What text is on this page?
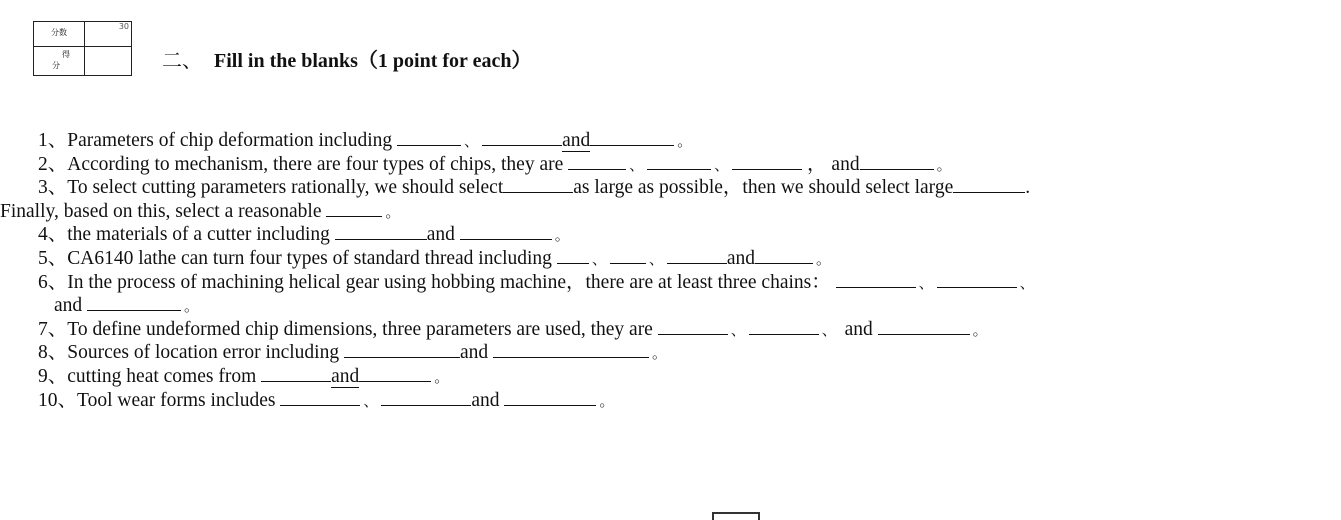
分数	30

得
分	
		二、 Fill in the blanks（1 point for each）
1、Parameters of chip deformation including	、	and	。
2、According to mechanism, there are four types of chips, they are	、	、	， and	。
3、To select cutting parameters rationally, we should select	as large as possible，then we should select large	.
Finally, based on this, select a reasonable	。
4、the materials of a cutter including	and	。
5、CA6140 lathe can turn four types of standard thread including	、	、	and	。
6、In the process of machining helical gear using hobbing machine，there are at least three chains：	、	、
and	。
7、To define undeformed chip dimensions, three parameters are used, they are	、	、 and	。
8、Sources of location error including	and	。
9、cutting heat comes from	and	。
10、Tool wear forms includes	、	and	。
